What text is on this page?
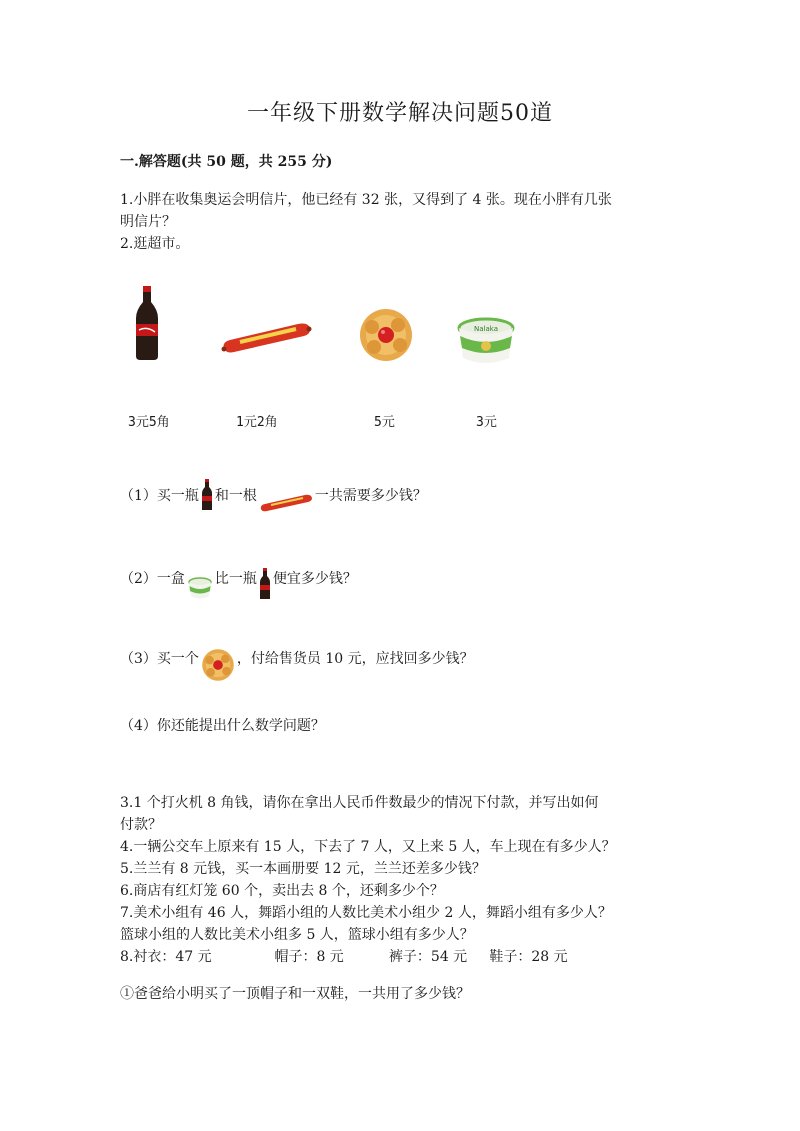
一年级下册数学解决问题50道
一.解答题(共 50 题，共 255 分)
1.小胖在收集奥运会明信片，他已经有 32 张，又得到了 4 张。现在小胖有几张
明信片？
2.逛超市。
Nalaka
3元5角	1元2角	5元	3元
（1）买一瓶 和一根	一共需要多少钱？
（2）一盒 比一瓶 便宜多少钱？
（3）买一个	，付给售货员 10 元，应找回多少钱？
（4）你还能提出什么数学问题？
3.1 个打火机 8 角钱，请你在拿出人民币件数最少的情况下付款，并写出如何
付款？
4.一辆公交车上原来有 15 人，下去了 7 人，又上来 5 人，车上现在有多少人？
5.兰兰有 8 元钱，买一本画册要 12 元，兰兰还差多少钱？
6.商店有红灯笼 60 个，卖出去 8 个，还剩多少个？
7.美术小组有 46 人，舞蹈小组的人数比美术小组少 2 人，舞蹈小组有多少人？
篮球小组的人数比美术小组多 5 人，篮球小组有多少人？
8.衬衣：47 元	帽子：8 元	裤子：54 元 鞋子：28 元
①爸爸给小明买了一顶帽子和一双鞋，一共用了多少钱？
